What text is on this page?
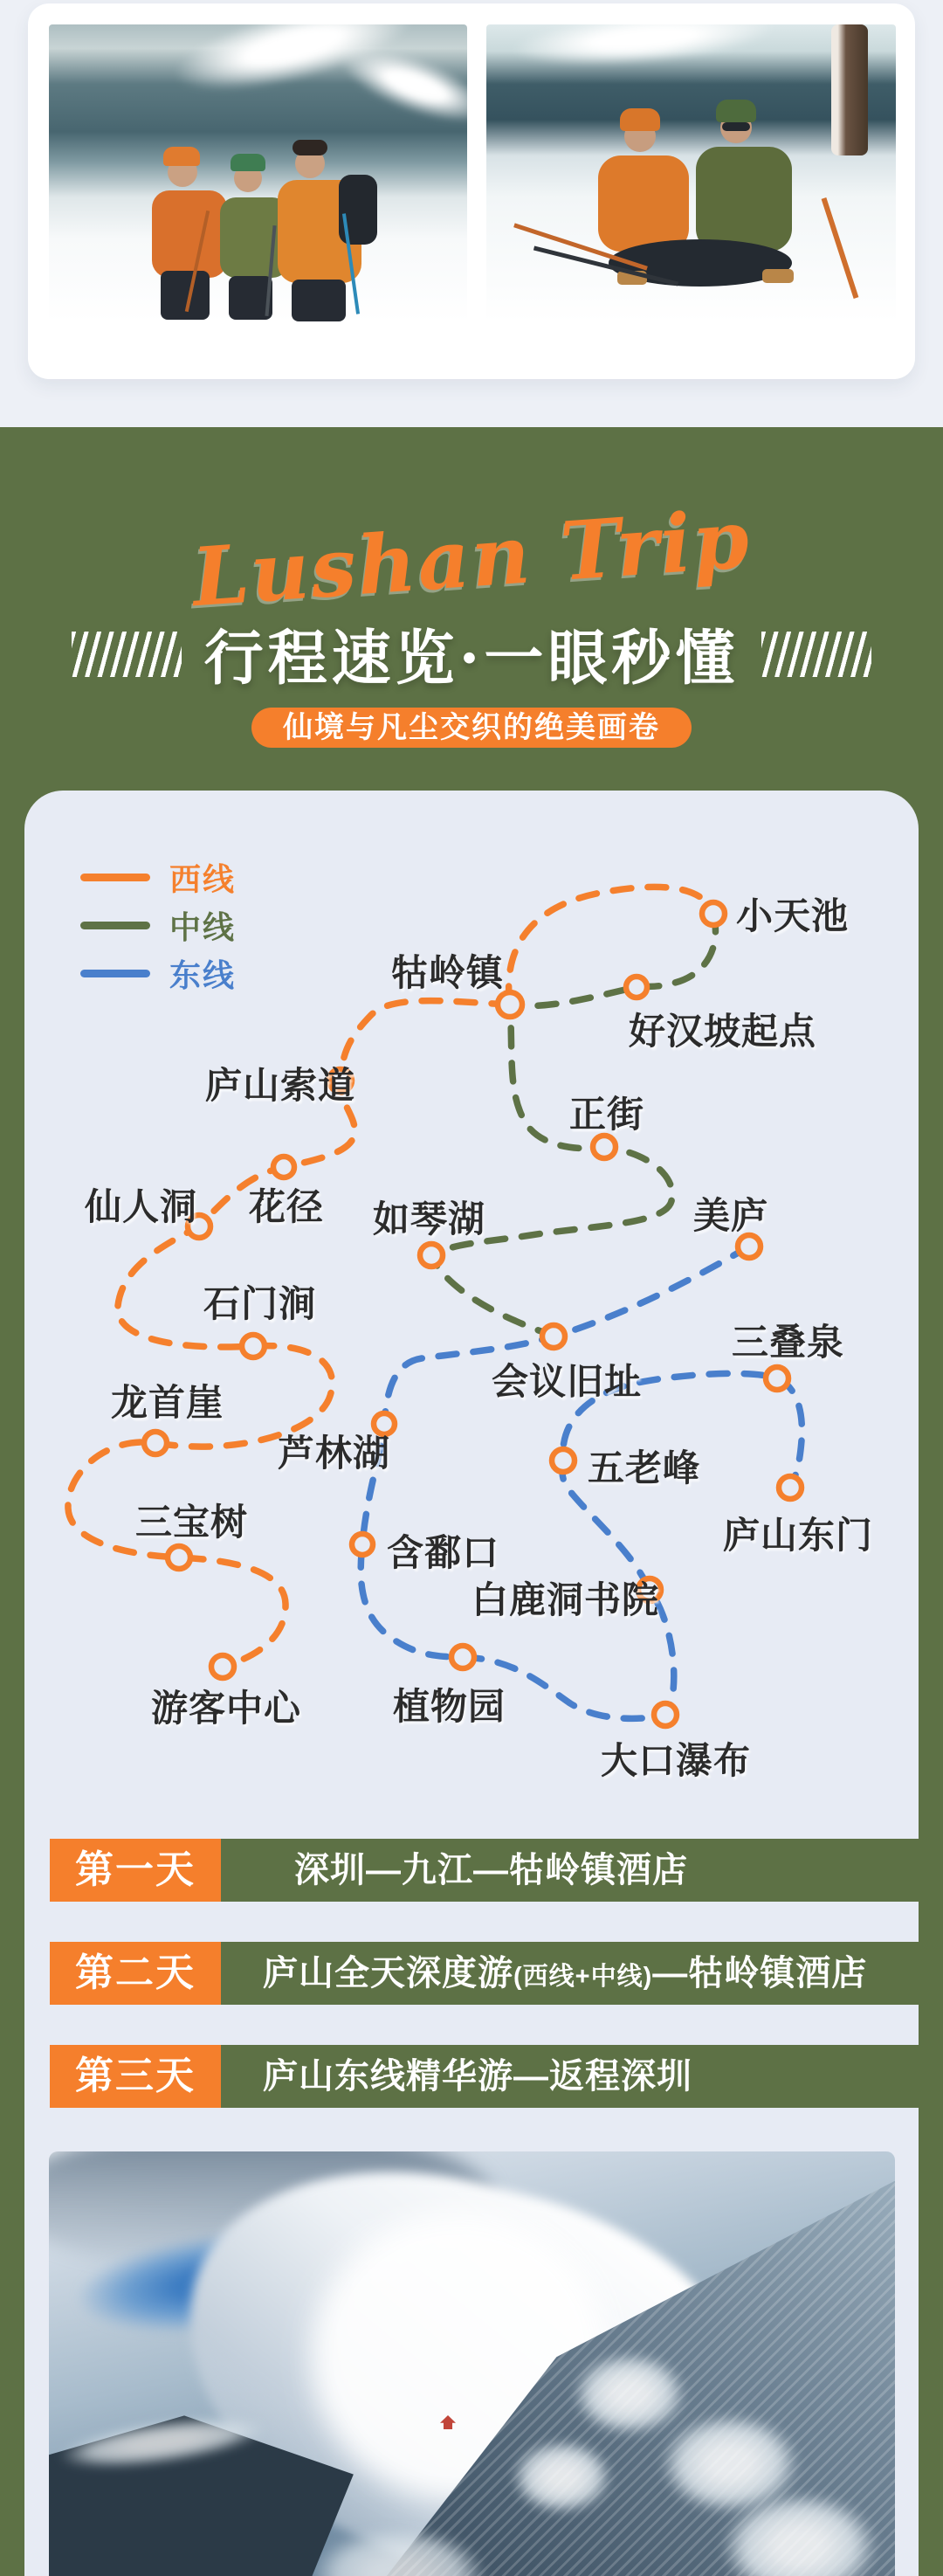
Lushan Trip
行程速览·一眼秒懂
仙境与凡尘交织的绝美画卷
西线
中线
东线
小天池
牯岭镇
好汉坡起点
庐山索道
正街
仙人洞 花径 如琴湖	美庐
石门涧
三叠泉
会议旧址
龙首崖
芦林湖	五老峰
庐山东门
三宝树
含鄱口
白鹿洞书院
游客中心 植物园
大口瀑布
第一天	深圳—九江—牯岭镇酒店
第二天	庐山全天深度游(西线+中线)—牯岭镇酒店
第三天	庐山东线精华游—返程深圳
